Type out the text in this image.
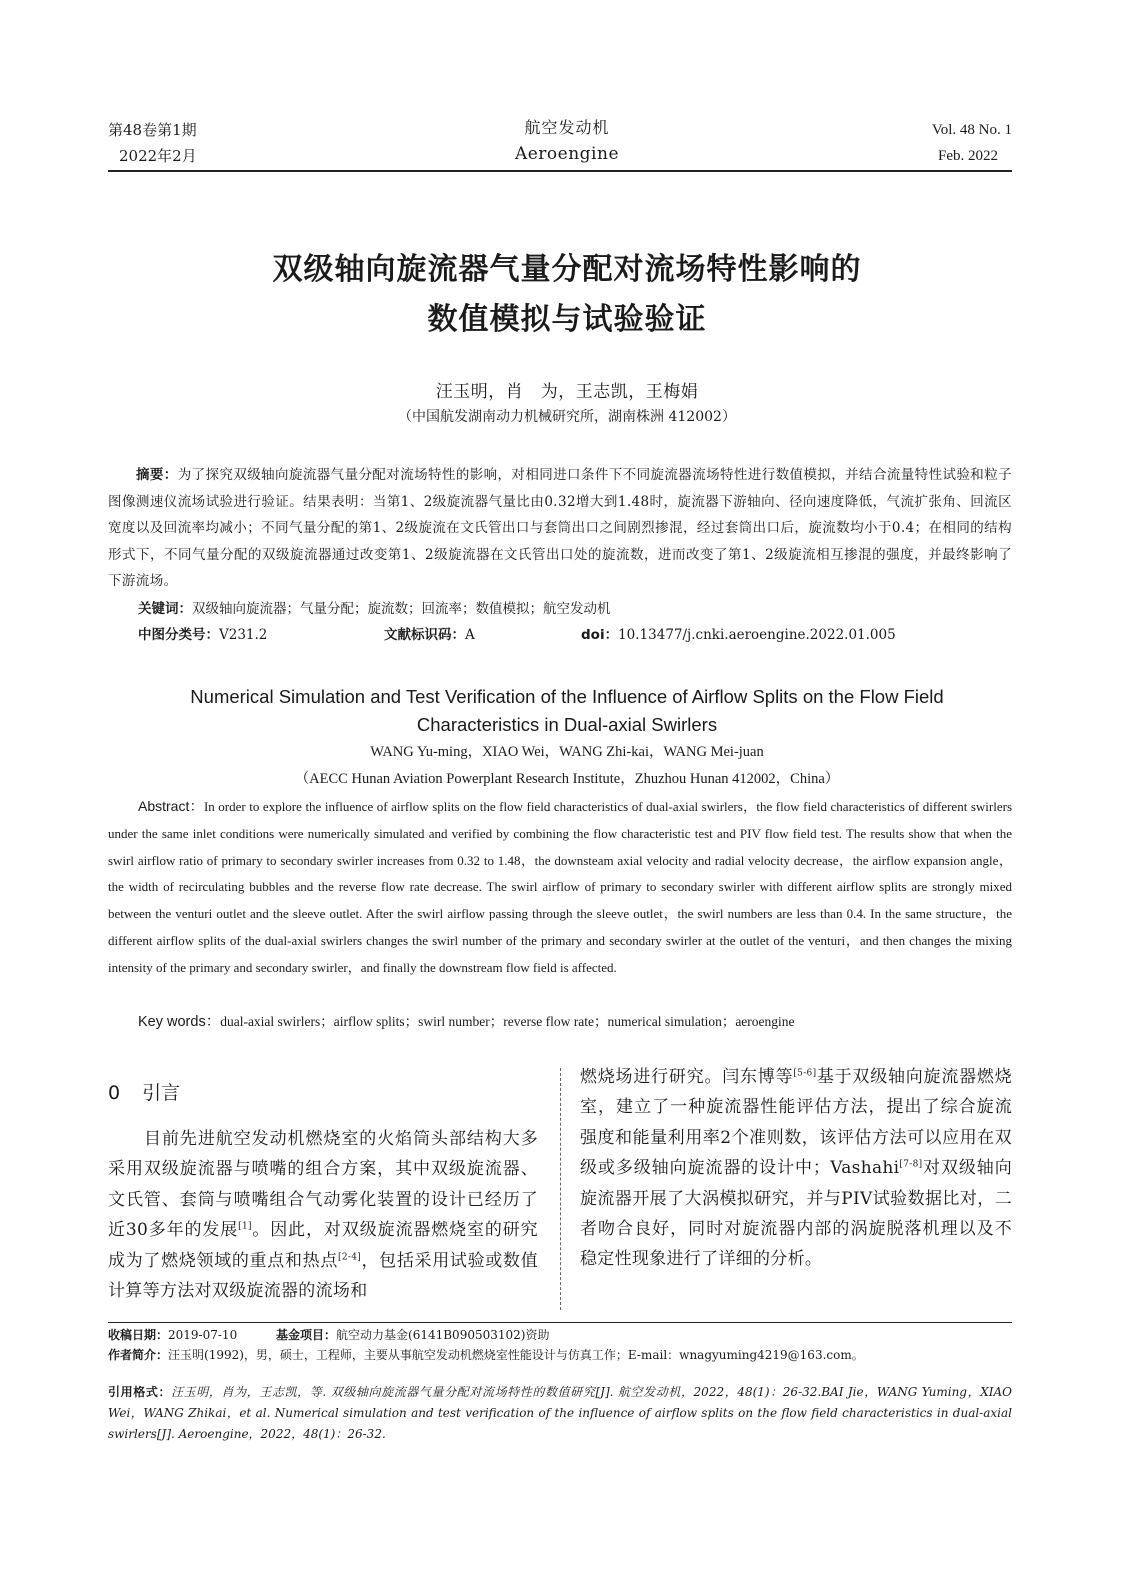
第48卷第1期
2022年2月
航空发动机
Aeroengine
Vol. 48 No. 1
Feb. 2022
双级轴向旋流器气量分配对流场特性影响的
数值模拟与试验验证
汪玉明，肖　为，王志凯，王梅娟
（中国航发湖南动力机械研究所，湖南株洲 412002）
摘要：为了探究双级轴向旋流器气量分配对流场特性的影响，对相同进口条件下不同旋流器流场特性进行数值模拟，并结合流量特性试验和粒子图像测速仪流场试验进行验证。结果表明：当第1、2级旋流器气量比由0.32增大到1.48时，旋流器下游轴向、径向速度降低，气流扩张角、回流区宽度以及回流率均减小；不同气量分配的第1、2级旋流在文氏管出口与套筒出口之间剧烈掺混，经过套筒出口后，旋流数均小于0.4；在相同的结构形式下，不同气量分配的双级旋流器通过改变第1、2级旋流器在文氏管出口处的旋流数，进而改变了第1、2级旋流相互掺混的强度，并最终影响了下游流场。
关键词：双级轴向旋流器；气量分配；旋流数；回流率；数值模拟；航空发动机
中图分类号：V231.2	文献标识码：A	doi：10.13477/j.cnki.aeroengine.2022.01.005
Numerical Simulation and Test Verification of the Influence of Airflow Splits on the Flow Field
Characteristics in Dual-axial Swirlers
WANG Yu-ming，XIAO Wei，WANG Zhi-kai，WANG Mei-juan
（AECC Hunan Aviation Powerplant Research Institute，Zhuzhou Hunan 412002，China）
Abstract：In order to explore the influence of airflow splits on the flow field characteristics of dual-axial swirlers，the flow field characteristics of different swirlers under the same inlet conditions were numerically simulated and verified by combining the flow characteristic test and PIV flow field test. The results show that when the swirl airflow ratio of primary to secondary swirler increases from 0.32 to 1.48，the downsteam axial velocity and radial velocity decrease，the airflow expansion angle，the width of recirculating bubbles and the reverse flow rate decrease. The swirl airflow of primary to secondary swirler with different airflow splits are strongly mixed between the venturi outlet and the sleeve outlet. After the swirl airflow passing through the sleeve outlet，the swirl numbers are less than 0.4. In the same structure，the different airflow splits of the dual-axial swirlers changes the swirl number of the primary and secondary swirler at the outlet of the venturi，and then changes the mixing intensity of the primary and secondary swirler，and finally the downstream flow field is affected.
Key words：dual-axial swirlers；airflow splits；swirl number；reverse flow rate；numerical simulation；aeroengine
0 引言
目前先进航空发动机燃烧室的火焰筒头部结构大多采用双级旋流器与喷嘴的组合方案，其中双级旋流器、文氏管、套筒与喷嘴组合气动雾化装置的设计已经历了近30多年的发展[1]。因此，对双级旋流器燃烧室的研究成为了燃烧领域的重点和热点[2-4]，包括采用试验或数值计算等方法对双级旋流器的流场和
燃烧场进行研究。闫东博等[5-6]基于双级轴向旋流器燃烧室，建立了一种旋流器性能评估方法，提出了综合旋流强度和能量利用率2个准则数，该评估方法可以应用在双级或多级轴向旋流器的设计中；Vashahi[7-8]对双级轴向旋流器开展了大涡模拟研究，并与PIV试验数据比对，二者吻合良好，同时对旋流器内部的涡旋脱落机理以及不稳定性现象进行了详细的分析。
收稿日期：2019-07-10	基金项目：航空动力基金(6141B090503102)资助
作者简介：汪玉明(1992)，男，硕士，工程师，主要从事航空发动机燃烧室性能设计与仿真工作；E-mail：wnagyuming4219@163.com。
引用格式：汪玉明，肖为，王志凯，等. 双级轴向旋流器气量分配对流场特性的数值研究[J]. 航空发动机，2022，48(1)：26-32.BAI Jie，WANG Yuming，XIAO Wei，WANG Zhikai，et al. Numerical simulation and test verification of the influence of airflow splits on the flow field characteristics in dual-axial swirlers[J]. Aeroengine，2022，48(1)：26-32.
